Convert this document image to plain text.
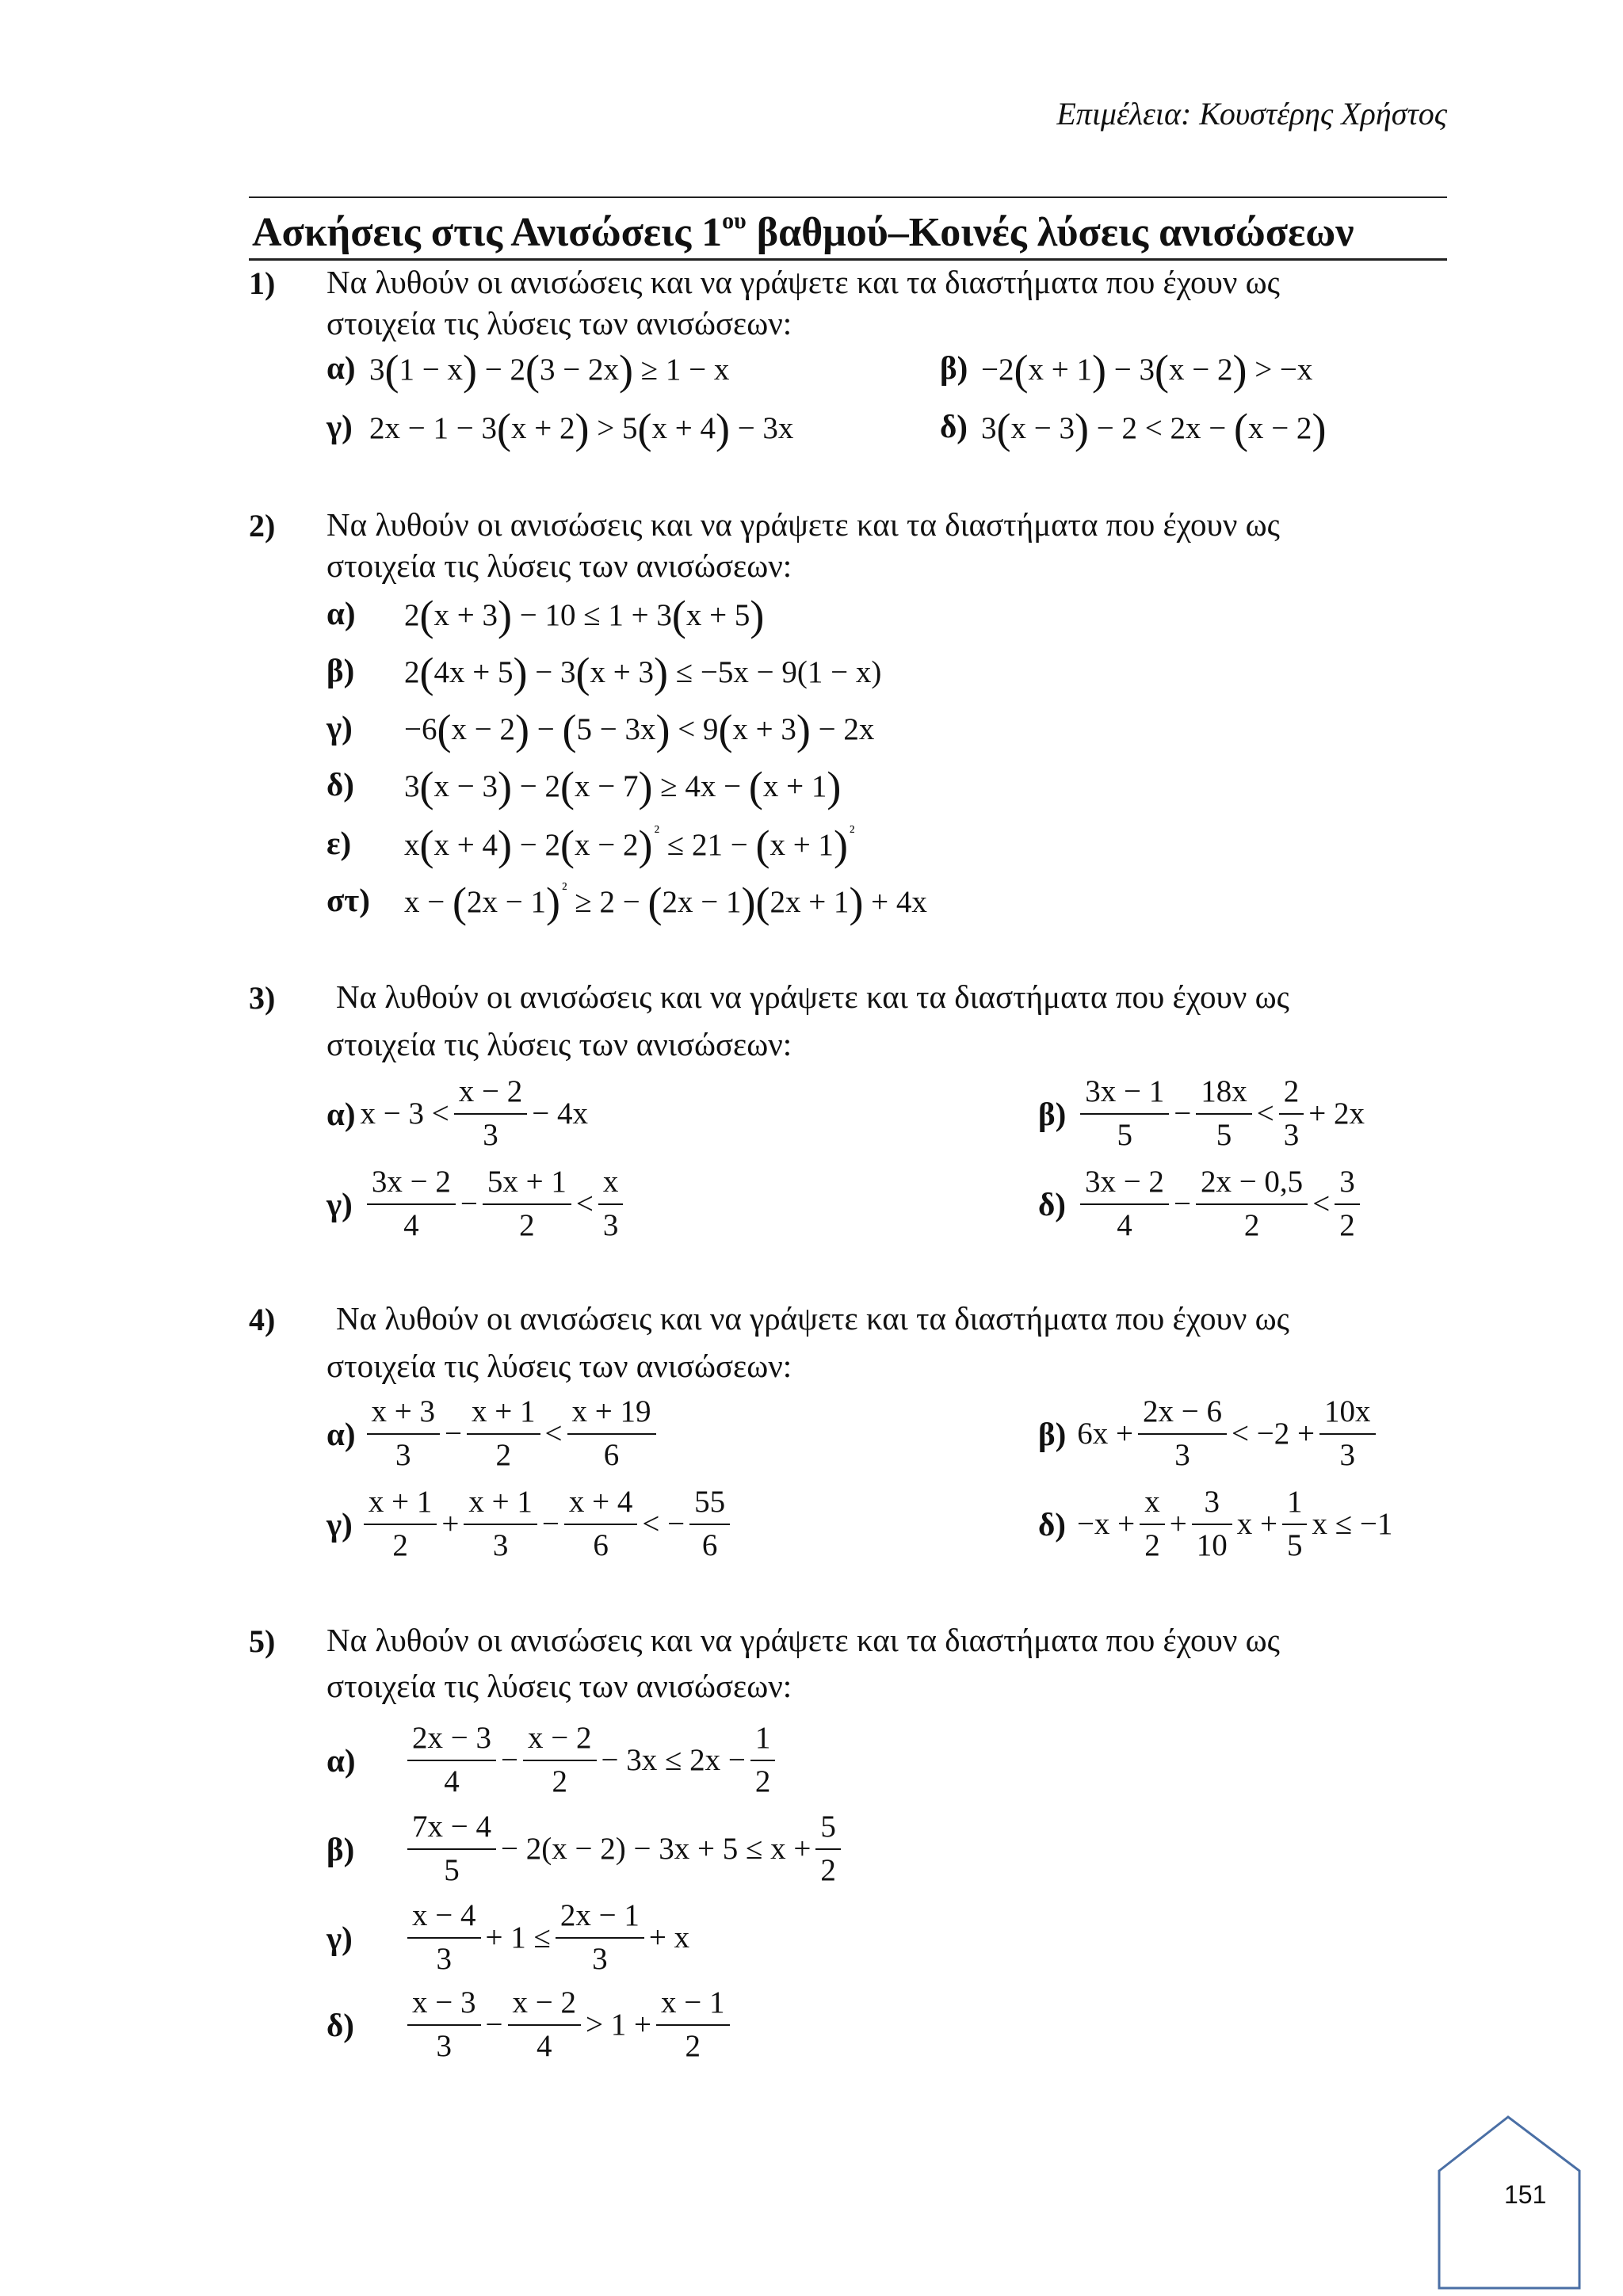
Επιμέλεια: Κουστέρης Χρήστος
Ασκήσεις στις Ανισώσεις $1^{o\upsilon}$ βαθμού–Κοινές λύσεις ανισώσεων
1) Να λυθούν οι ανισώσεις και να γράψετε και τα διαστήματα που έχουν ως
στοιχεία τις λύσεις των ανισώσεων:
α) 3(1 − x) − 2(3 − 2x) ≥ 1 − x	β) −2(x + 1) − 3(x − 2) > −x
γ) 2x − 1 − 3(x + 2) > 5(x + 4) − 3x	δ) 3(x − 3) − 2 < 2x − (x − 2)
2) Να λυθούν οι ανισώσεις και να γράψετε και τα διαστήματα που έχουν ως
στοιχεία τις λύσεις των ανισώσεων:
α) 2(x + 3) − 10 ≤ 1 + 3(x + 5)
β) 2(4x + 5) − 3(x + 3) ≤ −5x − 9(1 − x)
γ) −6(x − 2) − (5 − 3x) < 9(x + 3) − 2x
δ) 3(x − 3) − 2(x − 7) ≥ 4x − (x + 1)
ε) $x(x + 4) - 2(x - 2)^{^2} \le 21 - (x + 1)^{^2}$
στ) $x - (2x - 1)^{^2} \ge 2 - (2x - 1)(2x + 1) + 4x$
3) Να λυθούν οι ανισώσεις και να γράψετε και τα διαστήματα που έχουν ως
στοιχεία τις λύσεις των ανισώσεων:
α) $x - 3 < \frac{x - 2}{3} - 4x$	$\beta) \frac{3x - 1}{5} - \frac{18x}{5} < \frac{2}{3} + 2x$
$\gamma) \frac{3x - 2}{4} - \frac{5x + 1}{2} < \frac{x}{3}$	$\delta) \frac{3x - 2}{4} - \frac{2x - 0,5}{2} < \frac{3}{2}$
4) Να λυθούν οι ανισώσεις και να γράψετε και τα διαστήματα που έχουν ως
στοιχεία τις λύσεις των ανισώσεων:
$\alpha) \frac{x + 3}{3} - \frac{x + 1}{2} < \frac{x + 19}{6}$	β) $6x + \frac{2x - 6}{3} < -2 + \frac{10x}{3}$
$\gamma) \frac{x + 1}{2} + \frac{x + 1}{3} - \frac{x + 4}{6}$ < − $\frac{55}{6}$	$\delta) -x + \frac{x}{2} + \frac{3}{10}$ $x + \frac{1}{5}$ x ≤ −1
5) Να λυθούν οι ανισώσεις και να γράψετε και τα διαστήματα που έχουν ως
στοιχεία τις λύσεις των ανισώσεων:
α)	$\frac{2x - 3}{4} - \frac{x - 2}{2} - 3x \le 2x - \frac{1}{2}$
β)	$\frac{7x - 4}{5} - 2(x - 2) - 3x + 5 \le x + \frac{5}{2}$
γ)	$\frac{x - 4}{3} + 1 \le \frac{2x - 1}{3} + x$
δ)	$\frac{x - 3}{3} - \frac{x - 2}{4} > 1 + \frac{x - 1}{2}$
151
